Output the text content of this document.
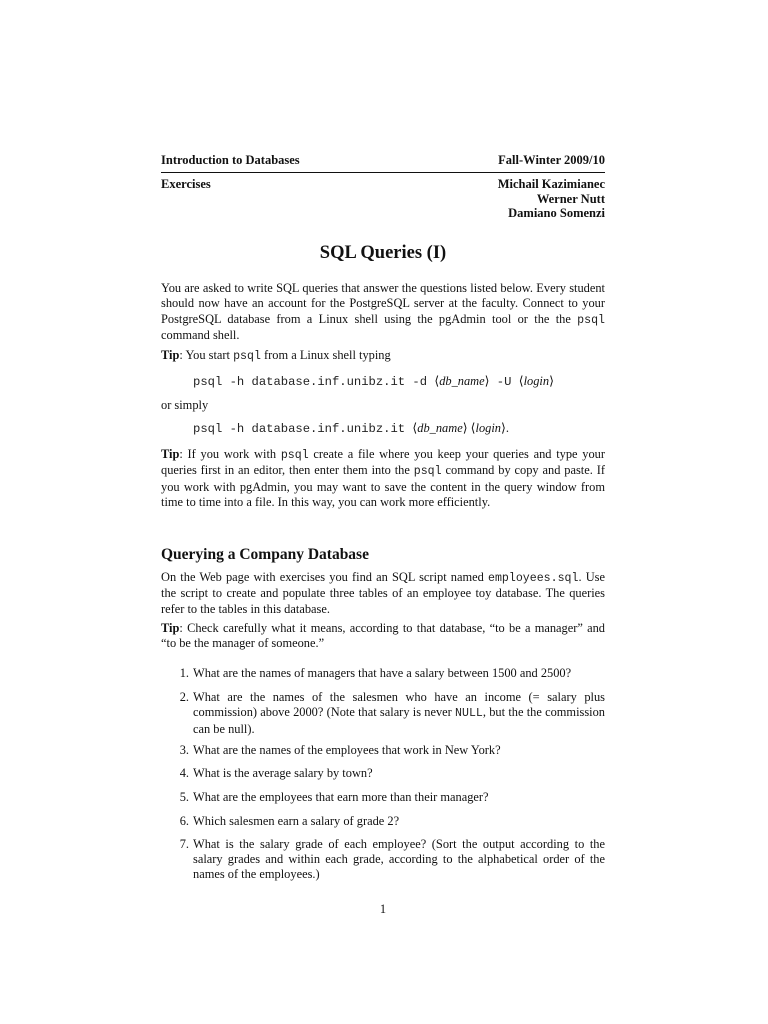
Introduction to Databases	Fall-Winter 2009/10
Exercises	Michail Kazimianec
Werner Nutt
Damiano Somenzi
SQL Queries (I)
You are asked to write SQL queries that answer the questions listed below. Every student should now have an account for the PostgreSQL server at the faculty. Connect to your PostgreSQL database from a Linux shell using the pgAdmin tool or the the psql command shell.
Tip: You start psql from a Linux shell typing
psql -h database.inf.unibz.it -d ⟨db_name⟩ -U ⟨login⟩
or simply
psql -h database.inf.unibz.it ⟨db_name⟩ ⟨login⟩.
Tip: If you work with psql create a file where you keep your queries and type your queries first in an editor, then enter them into the psql command by copy and paste. If you work with pgAdmin, you may want to save the content in the query window from time to time into a file. In this way, you can work more efficiently.
Querying a Company Database
On the Web page with exercises you find an SQL script named employees.sql. Use the script to create and populate three tables of an employee toy database. The queries refer to the tables in this database.
Tip: Check carefully what it means, according to that database, “to be a manager” and “to be the manager of someone.”
1. What are the names of managers that have a salary between 1500 and 2500?
2. What are the names of the salesmen who have an income (= salary plus commission) above 2000? (Note that salary is never NULL, but the the commission can be null).
3. What are the names of the employees that work in New York?
4. What is the average salary by town?
5. What are the employees that earn more than their manager?
6. Which salesmen earn a salary of grade 2?
7. What is the salary grade of each employee? (Sort the output according to the salary grades and within each grade, according to the alphabetical order of the names of the employees.)
1
